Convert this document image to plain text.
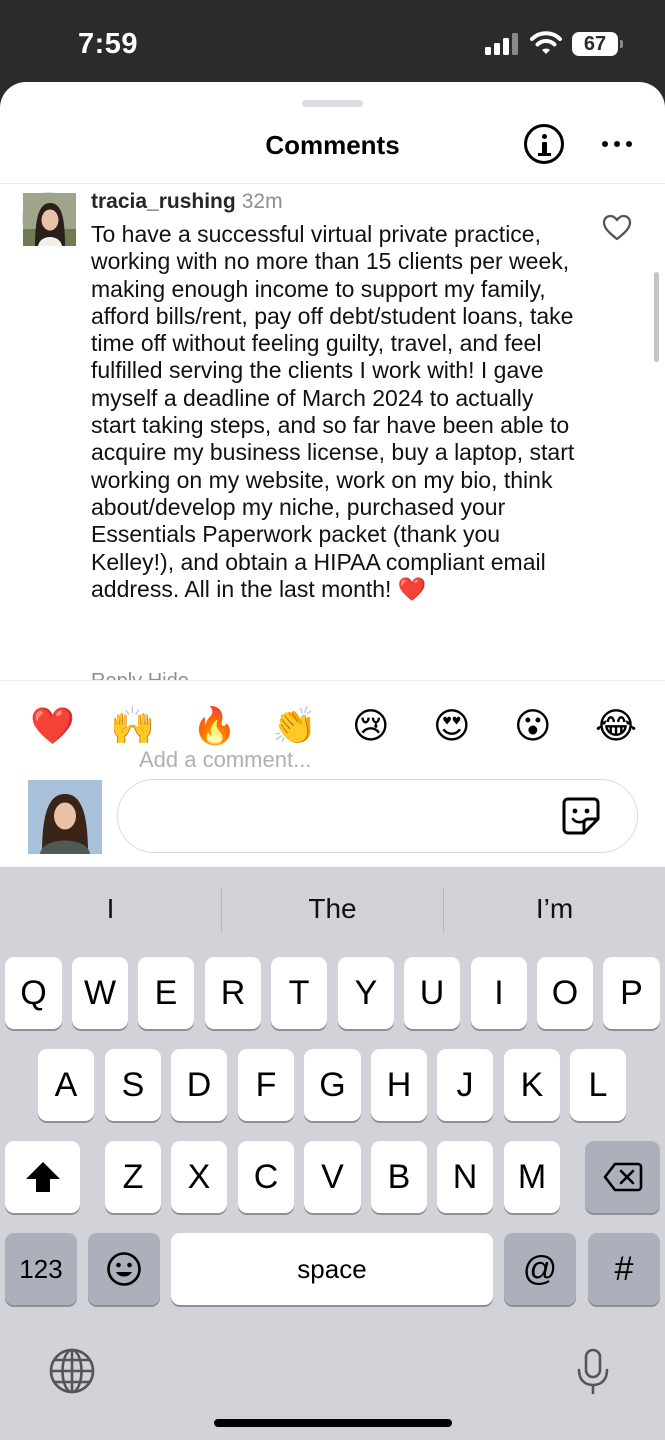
7:59	67
Comments
tracia_rushing 32m
To have a successful virtual private practice, working with no more than 15 clients per week, making enough income to support my family, afford bills/rent, pay off debt/student loans, take time off without feeling guilty, travel, and feel fulfilled serving the clients I work with! I gave myself a deadline of March 2024 to actually start taking steps, and so far have been able to acquire my business license, buy a laptop, start working on my website, work on my bio, think about/develop my niche, purchased your Essentials Paperwork packet (thank you Kelley!), and obtain a HIPAA compliant email address. All in the last month! ❤️
❤️ 🙌 🔥 👏 😢 😍 😮 😂
Add a comment...
I	The	I’m
Q	W	E	R	T	Y	U	I	O	P
A	S	D	F	G	H	J	K	L
Z	X	C	V	B	N	M
123	space	@	#
